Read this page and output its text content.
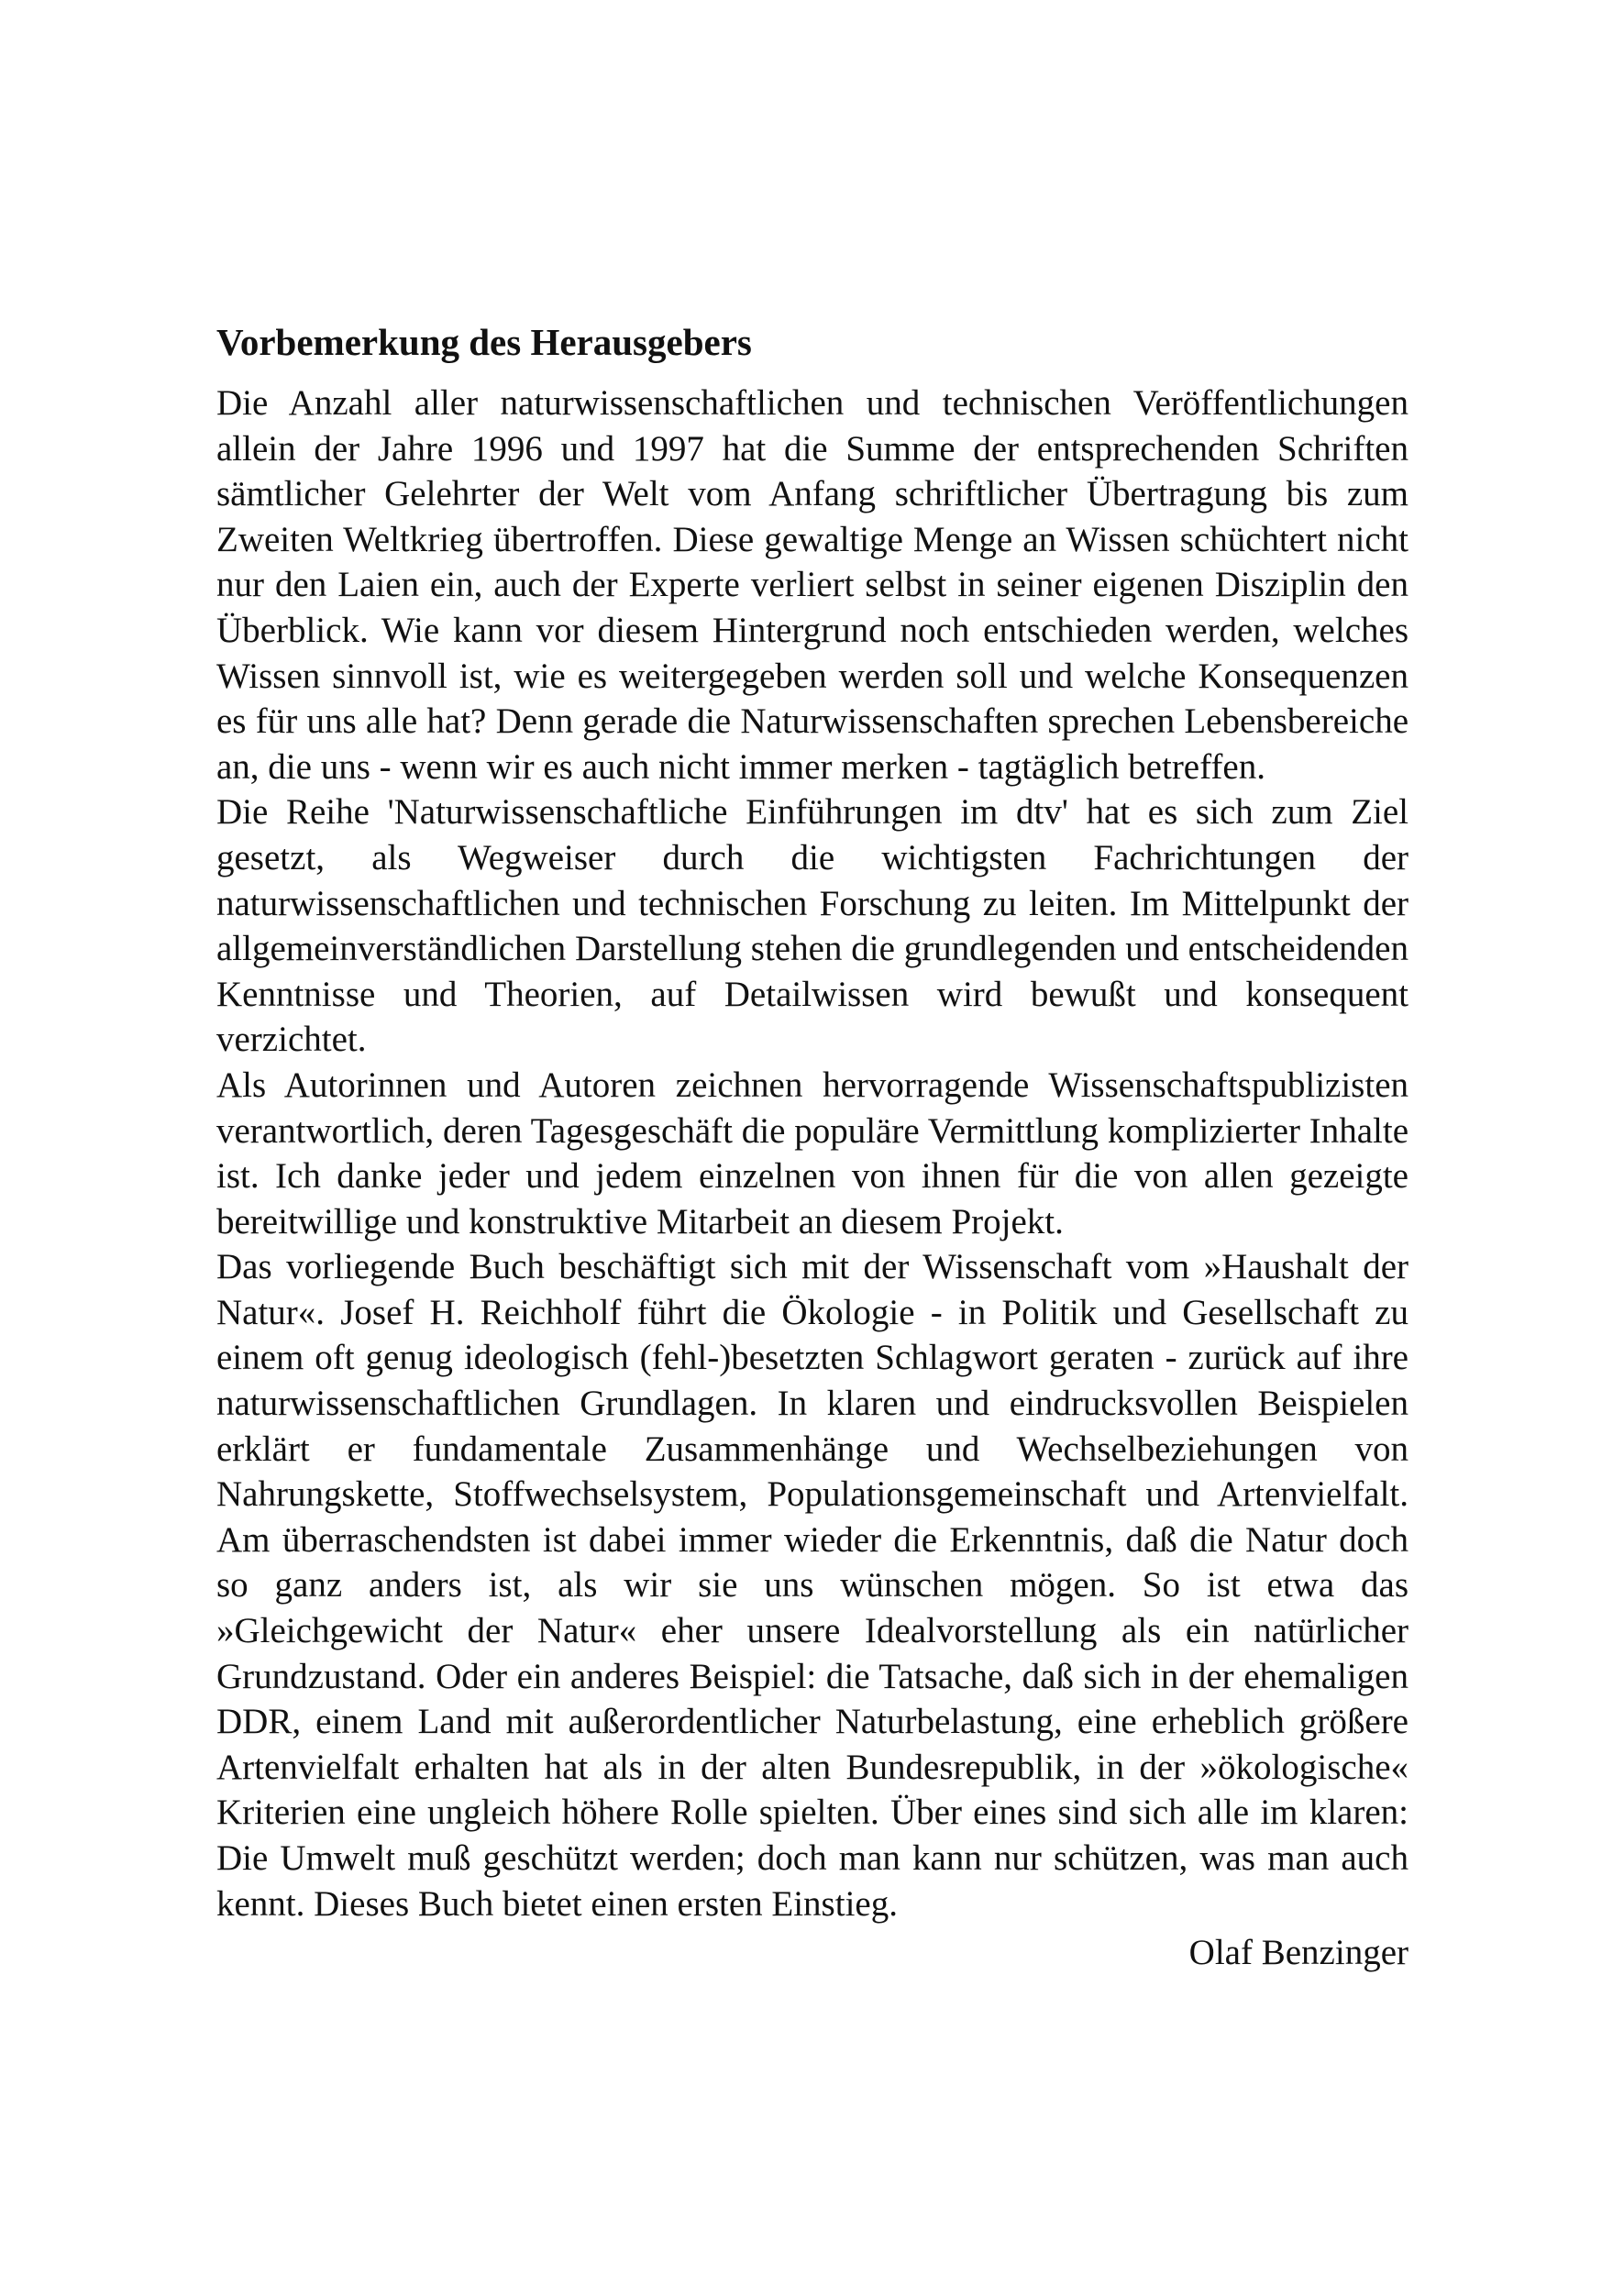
Vorbemerkung des Herausgebers

Die Anzahl aller naturwissenschaftlichen und technischen Veröffentlichungen allein der Jahre 1996 und 1997 hat die Summe der entsprechenden Schriften sämtlicher Gelehrter der Welt vom Anfang schriftlicher Übertragung bis zum Zweiten Weltkrieg übertroffen. Diese gewaltige Menge an Wissen schüchtert nicht nur den Laien ein, auch der Experte verliert selbst in seiner eigenen Disziplin den Überblick. Wie kann vor diesem Hintergrund noch entschieden werden, welches Wissen sinnvoll ist, wie es weitergegeben werden soll und welche Konsequenzen es für uns alle hat? Denn gerade die Naturwissenschaften sprechen Lebensbereiche an, die uns - wenn wir es auch nicht immer merken - tagtäglich betreffen.

Die Reihe 'Naturwissenschaftliche Einführungen im dtv' hat es sich zum Ziel gesetzt, als Wegweiser durch die wichtigsten Fachrichtungen der naturwissenschaftlichen und technischen Forschung zu leiten. Im Mittelpunkt der allgemeinverständlichen Darstellung stehen die grundlegenden und entscheidenden Kenntnisse und Theorien, auf Detailwissen wird bewußt und konsequent verzichtet.

Als Autorinnen und Autoren zeichnen hervorragende Wissenschaftspublizisten verantwortlich, deren Tagesgeschäft die populäre Vermittlung komplizierter Inhalte ist. Ich danke jeder und jedem einzelnen von ihnen für die von allen gezeigte bereitwillige und konstruktive Mitarbeit an diesem Projekt.

Das vorliegende Buch beschäftigt sich mit der Wissenschaft vom »Haushalt der Natur«. Josef H. Reichholf führt die Ökologie - in Politik und Gesellschaft zu einem oft genug ideologisch (fehl-)besetzten Schlagwort geraten - zurück auf ihre naturwissenschaftlichen Grundlagen. In klaren und eindrucksvollen Beispielen erklärt er fundamentale Zusammenhänge und Wechselbeziehungen von Nahrungskette, Stoffwechselsystem, Populationsgemeinschaft und Artenvielfalt. Am überraschendsten ist dabei immer wieder die Erkenntnis, daß die Natur doch so ganz anders ist, als wir sie uns wünschen mögen. So ist etwa das »Gleichgewicht der Natur« eher unsere Idealvorstellung als ein natürlicher Grundzustand. Oder ein anderes Beispiel: die Tatsache, daß sich in der ehemaligen DDR, einem Land mit außerordentlicher Naturbelastung, eine erheblich größere Artenvielfalt erhalten hat als in der alten Bundesrepublik, in der »ökologische« Kriterien eine ungleich höhere Rolle spielten. Über eines sind sich alle im klaren: Die Umwelt muß geschützt werden; doch man kann nur schützen, was man auch kennt. Dieses Buch bietet einen ersten Einstieg.

Olaf Benzinger
